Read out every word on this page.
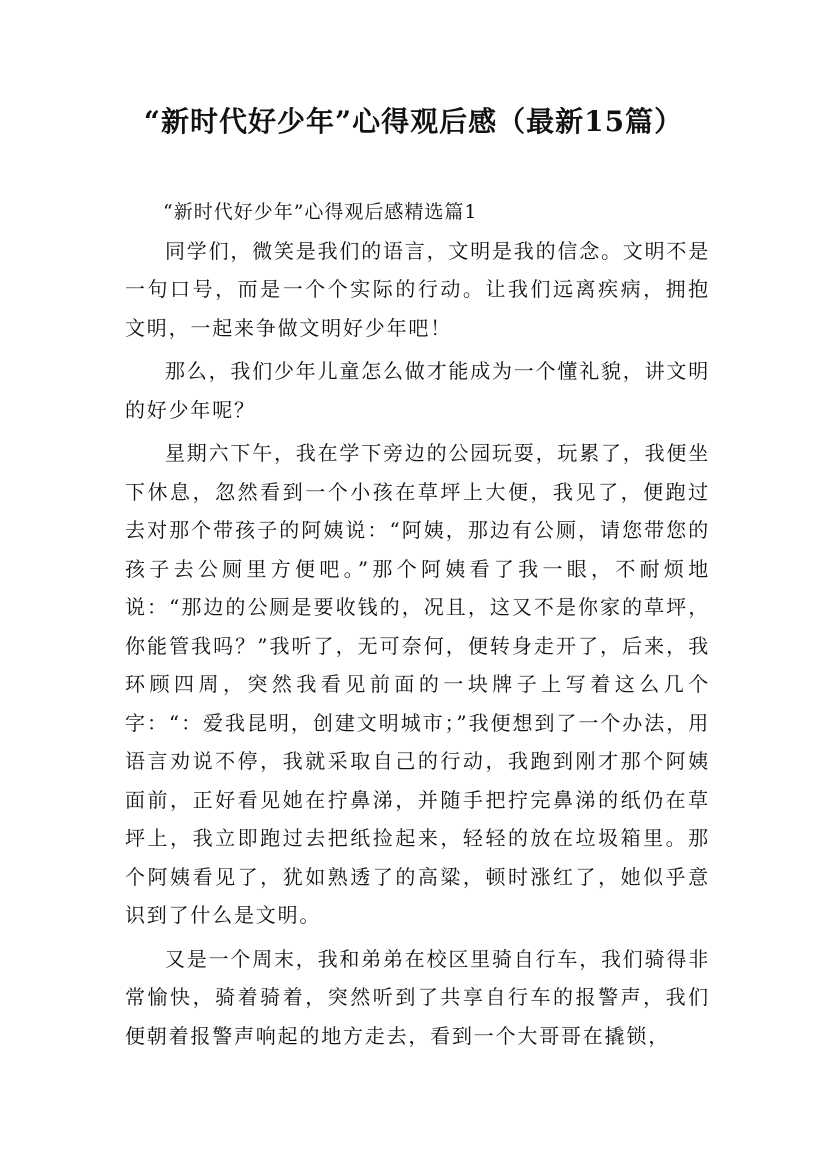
“新时代好少年”心得观后感（最新15篇）

“新时代好少年”心得观后感精选篇1

同学们，微笑是我们的语言，文明是我的信念。文明不是一句口号，而是一个个实际的行动。让我们远离疾病，拥抱文明，一起来争做文明好少年吧！

那么，我们少年儿童怎么做才能成为一个懂礼貌，讲文明的好少年呢？

星期六下午，我在学下旁边的公园玩耍，玩累了，我便坐下休息，忽然看到一个小孩在草坪上大便，我见了，便跑过去对那个带孩子的阿姨说：“阿姨，那边有公厕，请您带您的孩子去公厕里方便吧。”那个阿姨看了我一眼，不耐烦地说：“那边的公厕是要收钱的，况且，这又不是你家的草坪，你能管我吗？”我听了，无可奈何，便转身走开了，后来，我环顾四周，突然我看见前面的一块牌子上写着这么几个字：“：爱我昆明，创建文明城市；”我便想到了一个办法，用语言劝说不停，我就采取自己的行动，我跑到刚才那个阿姨面前，正好看见她在拧鼻涕，并随手把拧完鼻涕的纸仍在草坪上，我立即跑过去把纸捡起来，轻轻的放在垃圾箱里。那个阿姨看见了，犹如熟透了的高粱，顿时涨红了，她似乎意识到了什么是文明。

又是一个周末，我和弟弟在校区里骑自行车，我们骑得非常愉快，骑着骑着，突然听到了共享自行车的报警声，我们便朝着报警声响起的地方走去，看到一个大哥哥在撬锁，
